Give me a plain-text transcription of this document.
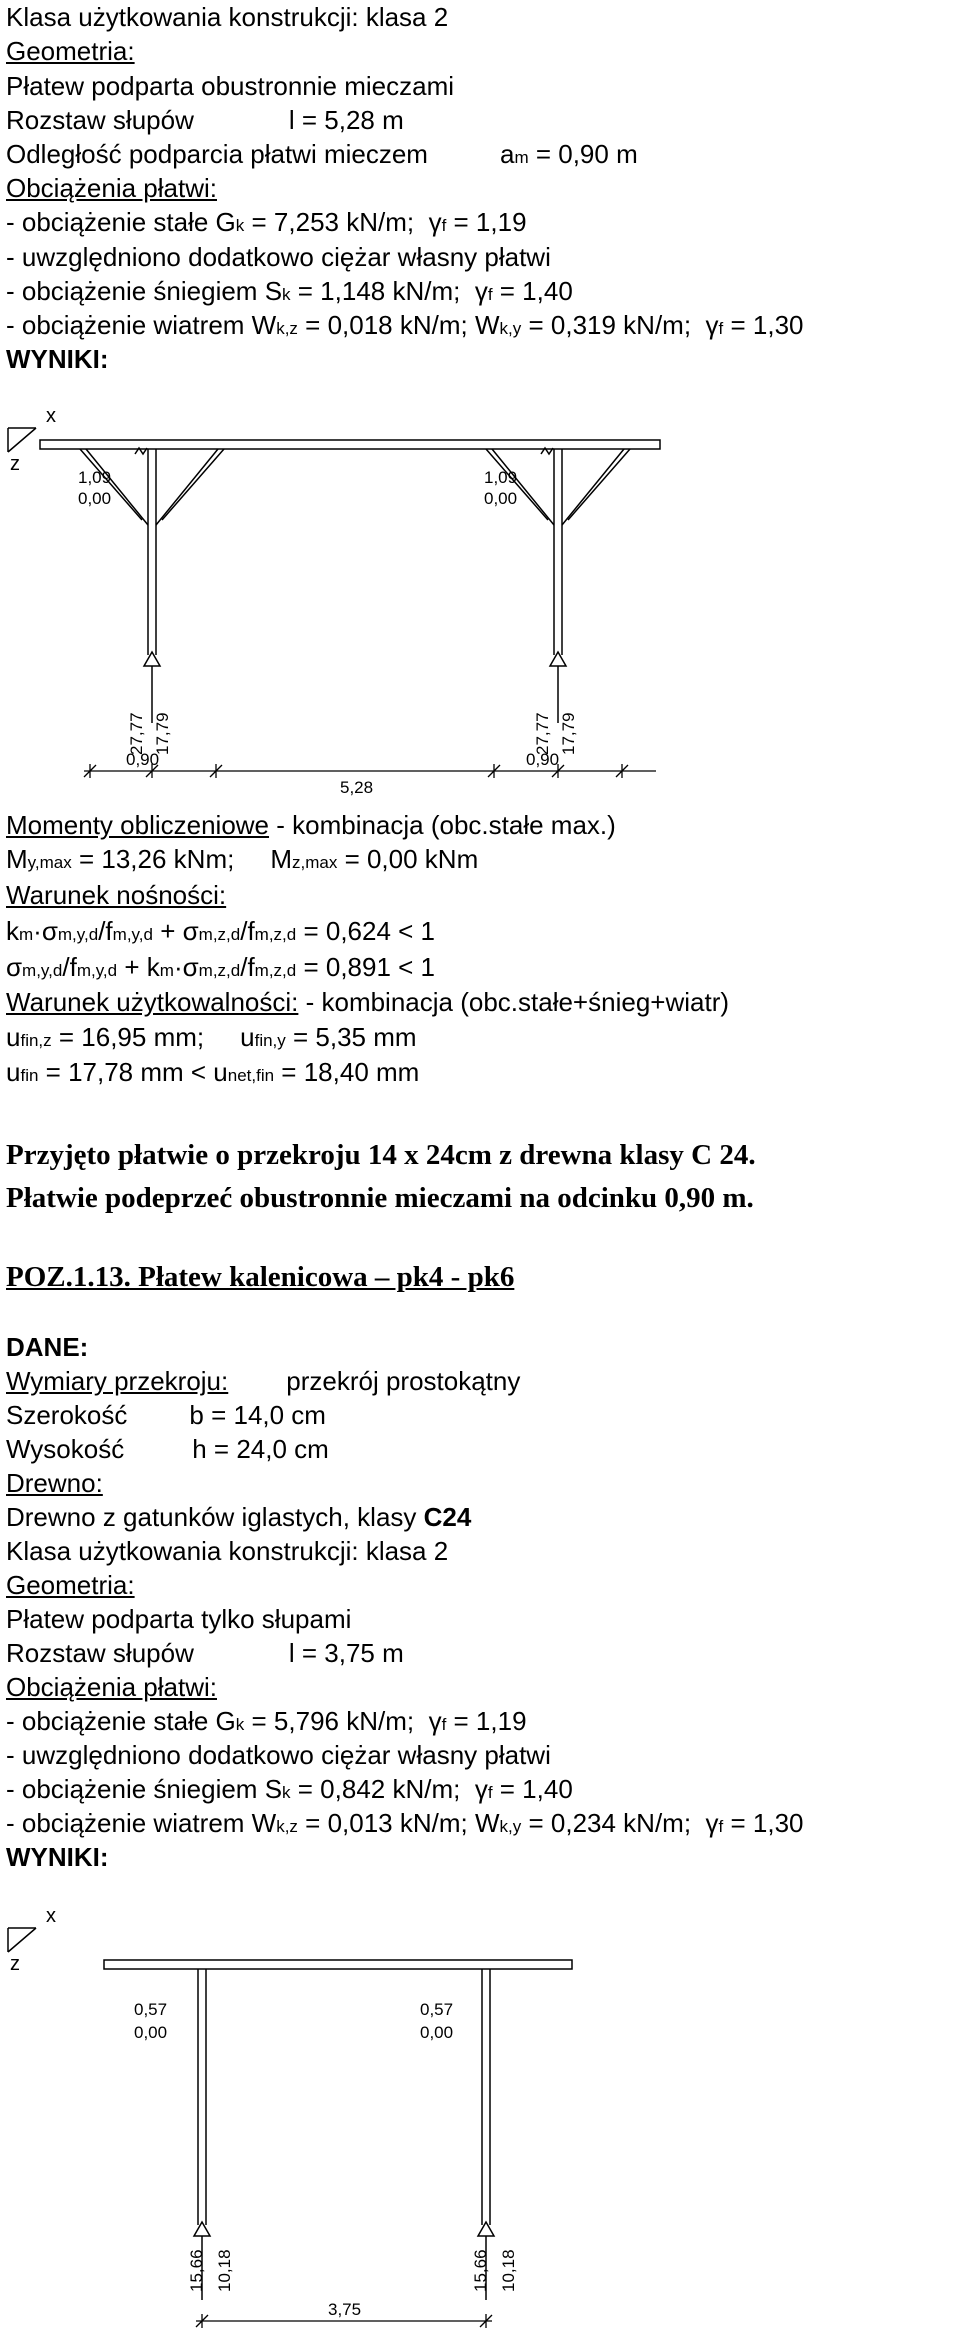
Klasa użytkowania konstrukcji: klasa 2
Geometria:
Płatew podparta obustronnie mieczami
Rozstaw słupów	l = 5,28 m
Odległość podparcia płatwi mieczem	am = 0,90 m
Obciążenia płatwi:
- obciążenie stałe Gk = 7,253 kN/m; γf = 1,19
- uwzględniono dodatkowo ciężar własny płatwi
- obciążenie śniegiem Sk = 1,148 kN/m; γf = 1,40
- obciążenie wiatrem Wk,z = 0,018 kN/m; Wk,y = 0,319 kN/m; γf = 1,30
WYNIKI:
x
z
1,09
0,00
1,09
0,00
27,77 17,79	27,77 17,79
0,90	0,90
5,28
Momenty obliczeniowe - kombinacja (obc.stałe max.)
My,max = 13,26 kNm; Mz,max = 0,00 kNm
Warunek nośności:
km·σm,y,d/fm,y,d + σm,z,d/fm,z,d = 0,624 < 1
σm,y,d/fm,y,d + km·σm,z,d/fm,z,d = 0,891 < 1
Warunek użytkowalności: - kombinacja (obc.stałe+śnieg+wiatr)
ufin,z = 16,95 mm; ufin,y = 5,35 mm
ufin = 17,78 mm < unet,fin = 18,40 mm
Przyjęto płatwie o przekroju 14 x 24cm z drewna klasy C 24.
Płatwie podeprzeć obustronnie mieczami na odcinku 0,90 m.
POZ.1.13. Płatew kalenicowa – pk4 - pk6
DANE:
Wymiary przekroju: przekrój prostokątny
Szerokość b = 14,0 cm
Wysokość	h = 24,0 cm
Drewno:
Drewno z gatunków iglastych, klasy C24
Klasa użytkowania konstrukcji: klasa 2
Geometria:
Płatew podparta tylko słupami
Rozstaw słupów	l = 3,75 m
Obciążenia płatwi:
- obciążenie stałe Gk = 5,796 kN/m; γf = 1,19
- uwzględniono dodatkowo ciężar własny płatwi
- obciążenie śniegiem Sk = 0,842 kN/m; γf = 1,40
- obciążenie wiatrem Wk,z = 0,013 kN/m; Wk,y = 0,234 kN/m; γf = 1,30
WYNIKI:
x
z
0,57
0,00
0,57
0,00
15,66 10,18	15,66 10,18
3,75
